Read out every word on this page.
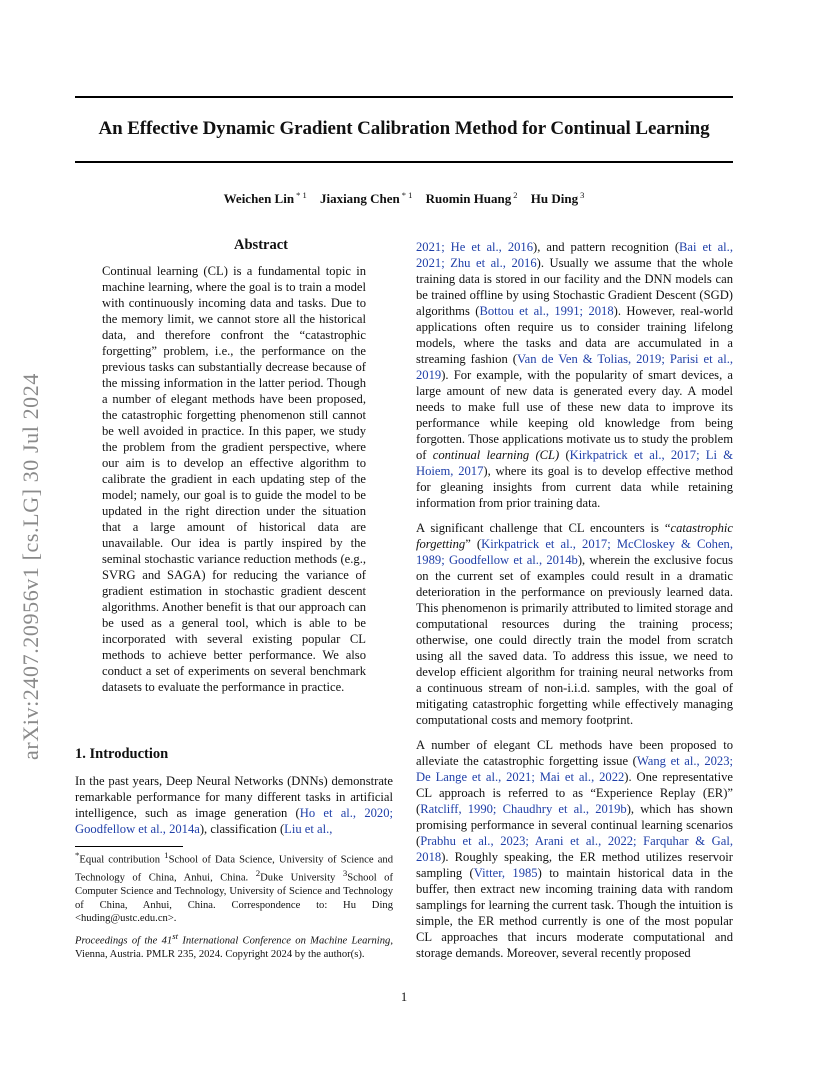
An Effective Dynamic Gradient Calibration Method for Continual Learning
Weichen Lin $^{* 1}$ Jiaxiang Chen $^{* 1}$ Ruomin Huang $^2$ Hu Ding $^3$
arXiv:2407.20956v1 [cs.LG] 30 Jul 2024
Abstract
Continual learning (CL) is a fundamental topic in machine learning, where the goal is to train a model with continuously incoming data and tasks. Due to the memory limit, we cannot store all the historical data, and therefore confront the “catastrophic forgetting” problem, i.e., the performance on the previous tasks can substantially decrease because of the missing information in the latter period. Though a number of elegant methods have been proposed, the catastrophic forgetting phenomenon still cannot be well avoided in practice. In this paper, we study the problem from the gradient perspective, where our aim is to develop an effective algorithm to calibrate the gradient in each updating step of the model; namely, our goal is to guide the model to be updated in the right direction under the situation that a large amount of historical data are unavailable. Our idea is partly inspired by the seminal stochastic variance reduction methods (e.g., SVRG and SAGA) for reducing the variance of gradient estimation in stochastic gradient descent algorithms. Another benefit is that our approach can be used as a general tool, which is able to be incorporated with several existing popular CL methods to achieve better performance. We also conduct a set of experiments on several benchmark datasets to evaluate the performance in practice.
1. Introduction
In the past years, Deep Neural Networks (DNNs) demonstrate remarkable performance for many different tasks in artificial intelligence, such as image generation (Ho et al., 2020; Goodfellow et al., 2014a), classification (Liu et al.,
*Equal contribution $^1$School of Data Science, University of Science and Technology of China, Anhui, China. $^2$Duke University $^3$School of Computer Science and Technology, University of Science and Technology of China, Anhui, China. Correspondence to: Hu Ding <huding@ustc.edu.cn>.
Proceedings of the 41st International Conference on Machine Learning, Vienna, Austria. PMLR 235, 2024. Copyright 2024 by the author(s).

2021; He et al., 2016), and pattern recognition (Bai et al., 2021; Zhu et al., 2016). Usually we assume that the whole training data is stored in our facility and the DNN models can be trained offline by using Stochastic Gradient Descent (SGD) algorithms (Bottou et al., 1991; 2018). However, real-world applications often require us to consider training lifelong models, where the tasks and data are accumulated in a streaming fashion (Van de Ven & Tolias, 2019; Parisi et al., 2019). For example, with the popularity of smart devices, a large amount of new data is generated every day. A model needs to make full use of these new data to improve its performance while keeping old knowledge from being forgotten. Those applications motivate us to study the problem of continual learning (CL) (Kirkpatrick et al., 2017; Li & Hoiem, 2017), where its goal is to develop effective method for gleaning insights from current data while retaining information from prior training data.

A significant challenge that CL encounters is “catastrophic forgetting” (Kirkpatrick et al., 2017; McCloskey & Cohen, 1989; Goodfellow et al., 2014b), wherein the exclusive focus on the current set of examples could result in a dramatic deterioration in the performance on previously learned data. This phenomenon is primarily attributed to limited storage and computational resources during the training process; otherwise, one could directly train the model from scratch using all the saved data. To address this issue, we need to develop efficient algorithm for training neural networks from a continuous stream of non-i.i.d. samples, with the goal of mitigating catastrophic forgetting while effectively managing computational costs and memory footprint.

A number of elegant CL methods have been proposed to alleviate the catastrophic forgetting issue (Wang et al., 2023; De Lange et al., 2021; Mai et al., 2022). One representative CL approach is referred to as “Experience Replay (ER)” (Ratcliff, 1990; Chaudhry et al., 2019b), which has shown promising performance in several continual learning scenarios (Prabhu et al., 2023; Arani et al., 2022; Farquhar & Gal, 2018). Roughly speaking, the ER method utilizes reservoir sampling (Vitter, 1985) to maintain historical data in the buffer, then extract new incoming training data with random samplings for learning the current task. Though the intuition is simple, the ER method currently is one of the most popular CL approaches that incurs moderate computational and storage demands. Moreover, several recently proposed

1
